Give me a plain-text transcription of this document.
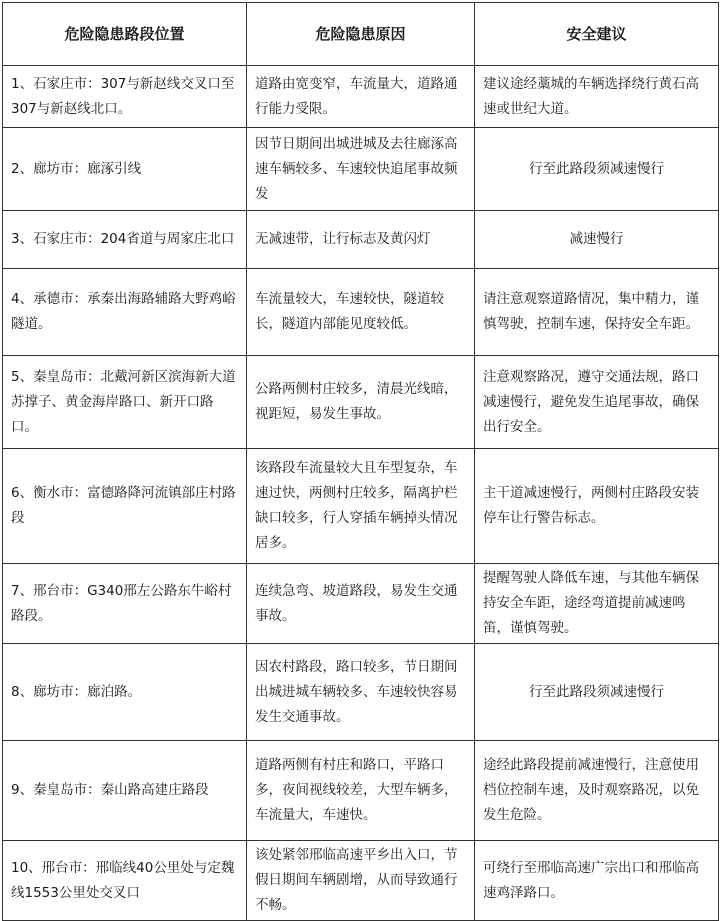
危险隐患路段位置	危险隐患原因	安全建议
1、石家庄市：307与新赵线交叉口至307与新赵线北口。	道路由宽变窄，车流量大，道路通行能力受限。	建议途经藁城的车辆选择绕行黄石高速或世纪大道。
2、廊坊市：廊涿引线	因节日期间出城进城及去往廊涿高速车辆较多、车速较快追尾事故频发	行至此路段须减速慢行
3、石家庄市：204省道与周家庄北口	无减速带，让行标志及黄闪灯	减速慢行
4、承德市：承秦出海路辅路大野鸡峪隧道。	车流量较大，车速较快，隧道较长，隧道内部能见度较低。	请注意观察道路情况，集中精力，谨慎驾驶，控制车速，保持安全车距。
5、秦皇岛市：北戴河新区滨海新大道苏撑子、黄金海岸路口、新开口路口。	公路两侧村庄较多，清晨光线暗，视距短，易发生事故。	注意观察路况，遵守交通法规，路口减速慢行，避免发生追尾事故，确保出行安全。
6、衡水市：富德路降河流镇部庄村路段	该路段车流量较大且车型复杂，车速过快，两侧村庄较多，隔离护栏缺口较多，行人穿插车辆掉头情况居多。	主干道减速慢行，两侧村庄路段安装停车让行警告标志。
7、邢台市：G340邢左公路东牛峪村路段。	连续急弯、坡道路段，易发生交通事故。	提醒驾驶人降低车速，与其他车辆保持安全车距，途经弯道提前减速鸣笛，谨慎驾驶。
8、廊坊市：廊泊路。	因农村路段，路口较多，节日期间出城进城车辆较多、车速较快容易发生交通事故。	行至此路段须减速慢行
9、秦皇岛市：秦山路高建庄路段	道路两侧有村庄和路口，平路口多，夜间视线较差，大型车辆多，车流量大，车速快。	途经此路段提前减速慢行，注意使用档位控制车速，及时观察路况，以免发生危险。
10、邢台市：邢临线40公里处与定魏线1553公里处交叉口	该处紧邻邢临高速平乡出入口，节假日期间车辆剧增，从而导致通行不畅。	可绕行至邢临高速广宗出口和邢临高速鸡泽路口。
